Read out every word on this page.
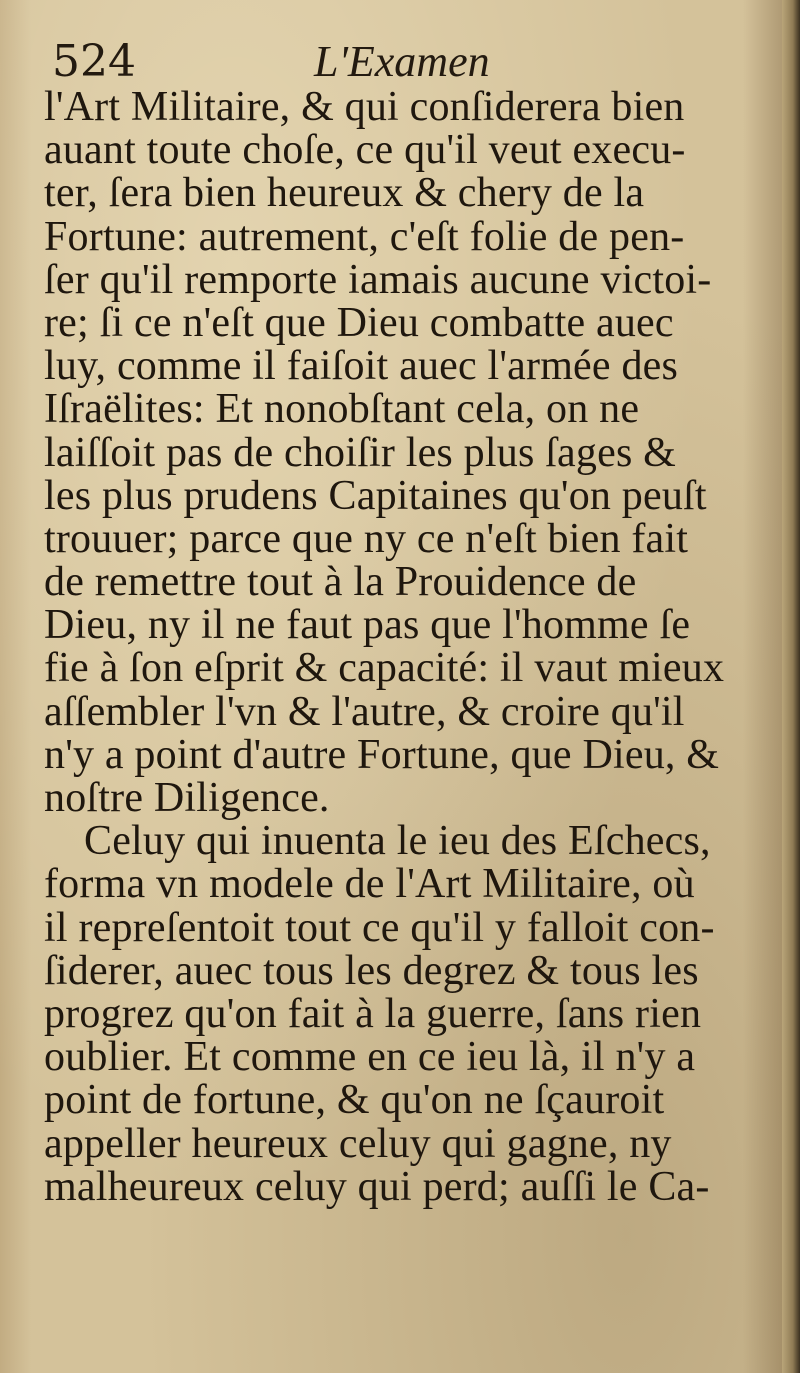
524	L'Examen
l'Art Militaire, & qui conſiderera bien
auant toute choſe, ce qu'il veut execu-
ter, ſera bien heureux & chery de la
Fortune: autrement, c'eſt folie de pen-
ſer qu'il remporte iamais aucune victoi-
re; ſi ce n'eſt que Dieu combatte auec
luy, comme il faiſoit auec l'armée des
Iſraëlites: Et nonobſtant cela, on ne
laiſſoit pas de choiſir les plus ſages &
les plus prudens Capitaines qu'on peuſt
trouuer; parce que ny ce n'eſt bien fait
de remettre tout à la Prouidence de
Dieu, ny il ne faut pas que l'homme ſe
fie à ſon eſprit & capacité: il vaut mieux
aſſembler l'vn & l'autre, & croire qu'il
n'y a point d'autre Fortune, que Dieu, &
noſtre Diligence.
Celuy qui inuenta le ieu des Eſchecs,
forma vn modele de l'Art Militaire, où
il repreſentoit tout ce qu'il y falloit con-
ſiderer, auec tous les degrez & tous les
progrez qu'on fait à la guerre, ſans rien
oublier. Et comme en ce ieu là, il n'y a
point de fortune, & qu'on ne ſçauroit
appeller heureux celuy qui gagne, ny
malheureux celuy qui perd; auſſi le Ca-
